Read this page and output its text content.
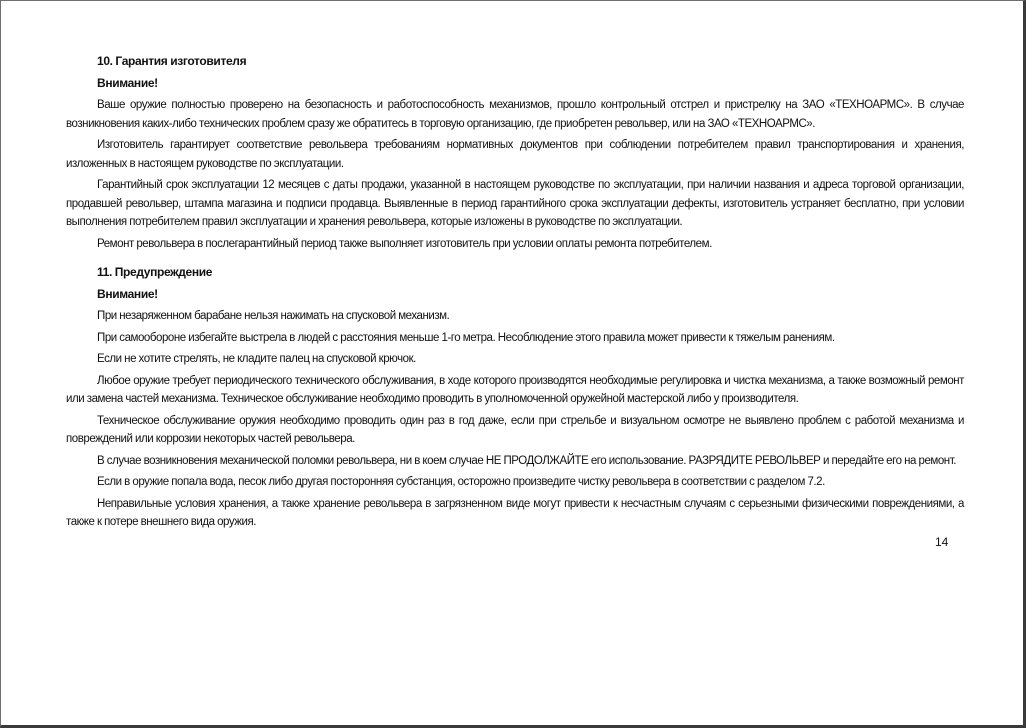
10. Гарантия изготовителя
Внимание!

Ваше оружие полностью проверено на безопасность и работоспособность механизмов, прошло контрольный отстрел и пристрелку на ЗАО «ТЕХНОАРМС». В случае возникновения каких-либо технических проблем сразу же обратитесь в торговую организацию, где приобретен револьвер, или на ЗАО «ТЕХНОАРМС».

Изготовитель гарантирует соответствие револьвера требованиям нормативных документов при соблюдении потребителем правил транспортирования и хранения, изложенных в настоящем руководстве по эксплуатации.

Гарантийный срок эксплуатации 12 месяцев с даты продажи, указанной в настоящем руководстве по эксплуатации, при наличии названия и адреса торговой организации, продавшей револьвер, штампа магазина и подписи продавца. Выявленные в период гарантийного срока эксплуатации дефекты, изготовитель устраняет бесплатно, при условии выполнения потребителем правил эксплуатации и хранения револьвера, которые изложены в руководстве по эксплуатации.

Ремонт револьвера в послегарантийный период также выполняет изготовитель при условии оплаты ремонта потребителем.

11. Предупреждение
Внимание!

При незаряженном барабане нельзя нажимать на спусковой механизм.

При самообороне избегайте выстрела в людей с расстояния меньше 1-го метра. Несоблюдение этого правила может привести к тяжелым ранениям.

Если не хотите стрелять, не кладите палец на спусковой крючок.

Любое оружие требует периодического технического обслуживания, в ходе которого производятся необходимые регулировка и чистка механизма, а также возможный ремонт или замена частей механизма. Техническое обслуживание необходимо проводить в уполномоченной оружейной мастерской либо у производителя.

Техническое обслуживание оружия необходимо проводить один раз в год даже, если при стрельбе и визуальном осмотре не выявлено проблем с работой механизма и повреждений или коррозии некоторых частей револьвера.

В случае возникновения механической поломки револьвера, ни в коем случае НЕ ПРОДОЛЖАЙТЕ его использование. РАЗРЯДИТЕ РЕВОЛЬВЕР и передайте его на ремонт.

Если в оружие попала вода, песок либо другая посторонняя субстанция, осторожно произведите чистку револьвера в соответствии с разделом 7.2.

Неправильные условия хранения, а также хранение револьвера в загрязненном виде могут привести к несчастным случаям с серьезными физическими повреждениями, а также к потере внешнего вида оружия.

14
